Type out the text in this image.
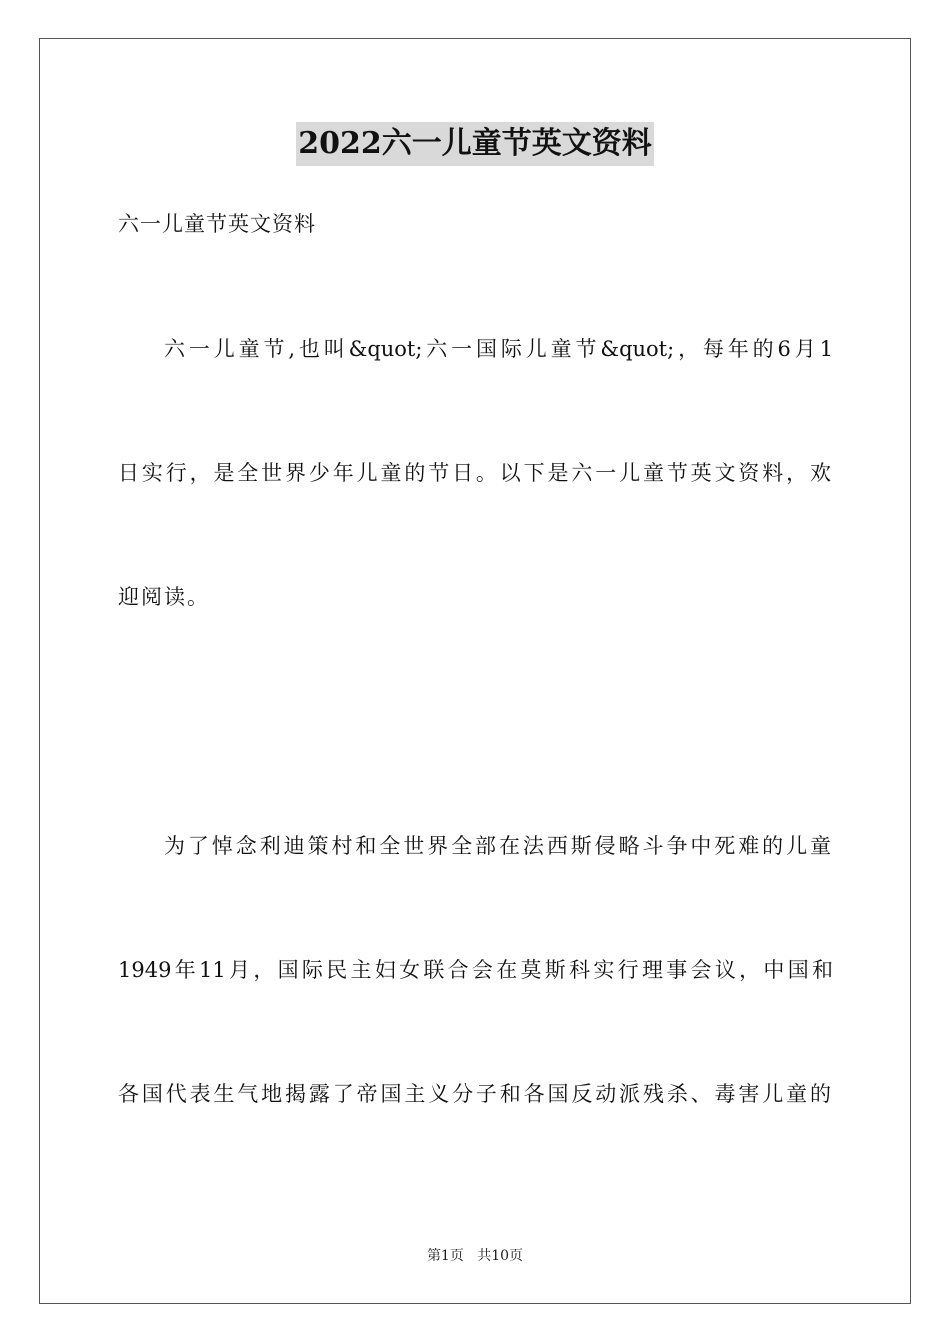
2022六一儿童节英文资料
六一儿童节英文资料
六一儿童节,也叫&quot;六一国际儿童节&quot;，每年的6月1
日实行，是全世界少年儿童的节日。以下是六一儿童节英文资料，欢
迎阅读。
为了悼念利迪策村和全世界全部在法西斯侵略斗争中死难的儿童
1949年11月，国际民主妇女联合会在莫斯科实行理事会议，中国和
各国代表生气地揭露了帝国主义分子和各国反动派残杀、毒害儿童的
第1页 共10页
